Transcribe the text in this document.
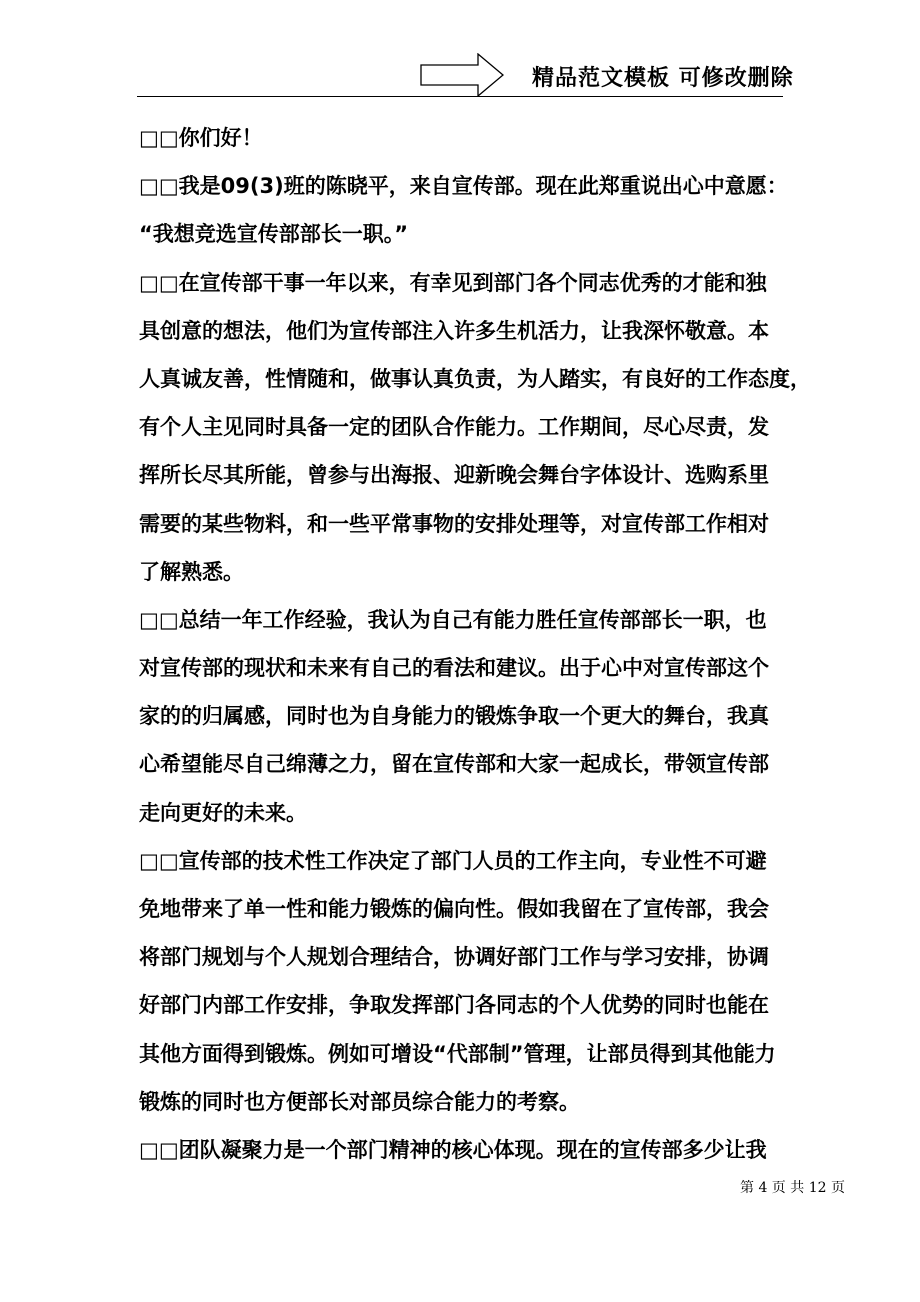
精品范文模板 可修改删除
□□你们好！
□□我是09(3)班的陈晓平，来自宣传部。现在此郑重说出心中意愿：
“我想竞选宣传部部长一职。”
□□在宣传部干事一年以来，有幸见到部门各个同志优秀的才能和独
具创意的想法，他们为宣传部注入许多生机活力，让我深怀敬意。本
人真诚友善，性情随和，做事认真负责，为人踏实，有良好的工作态度，
有个人主见同时具备一定的团队合作能力。工作期间，尽心尽责，发
挥所长尽其所能，曾参与出海报、迎新晚会舞台字体设计、选购系里
需要的某些物料，和一些平常事物的安排处理等，对宣传部工作相对
了解熟悉。
□□总结一年工作经验，我认为自己有能力胜任宣传部部长一职，也
对宣传部的现状和未来有自己的看法和建议。出于心中对宣传部这个
家的的归属感，同时也为自身能力的锻炼争取一个更大的舞台，我真
心希望能尽自己绵薄之力，留在宣传部和大家一起成长，带领宣传部
走向更好的未来。
□□宣传部的技术性工作决定了部门人员的工作主向，专业性不可避
免地带来了单一性和能力锻炼的偏向性。假如我留在了宣传部，我会
将部门规划与个人规划合理结合，协调好部门工作与学习安排，协调
好部门内部工作安排，争取发挥部门各同志的个人优势的同时也能在
其他方面得到锻炼。例如可增设“代部制”管理，让部员得到其他能力
锻炼的同时也方便部长对部员综合能力的考察。
□□团队凝聚力是一个部门精神的核心体现。现在的宣传部多少让我
第 4 页 共 12 页
